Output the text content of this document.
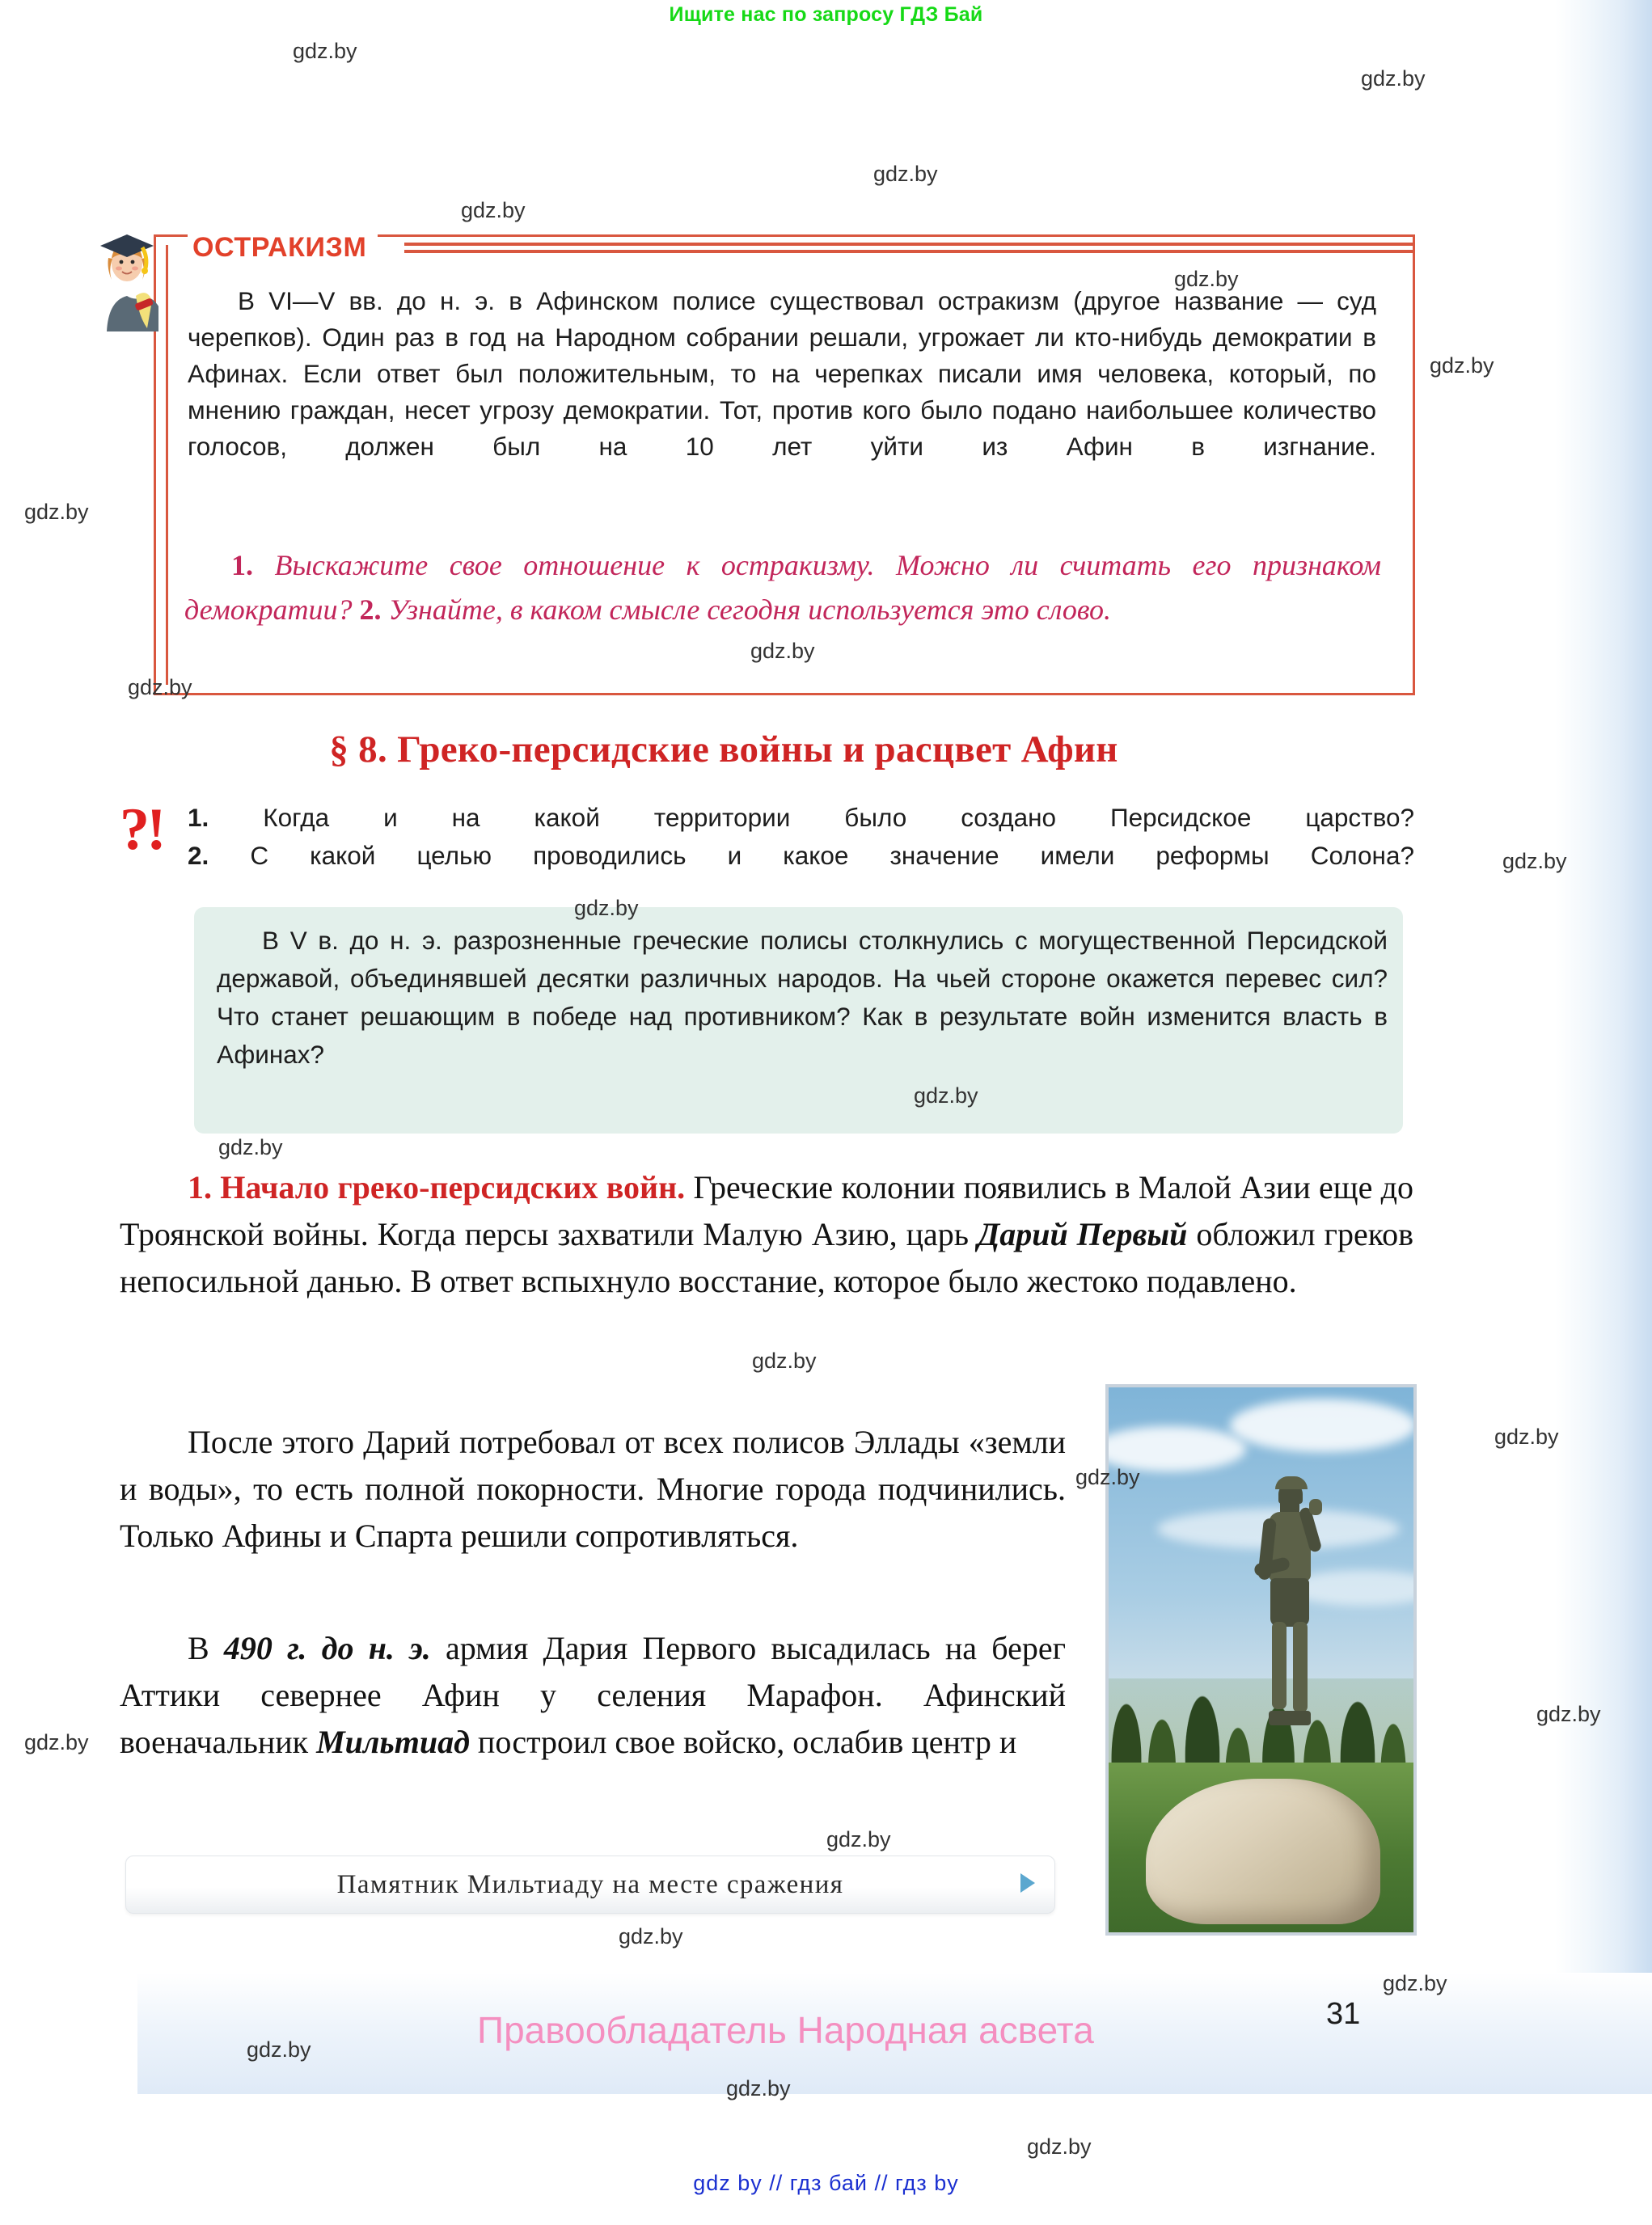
Ищите нас по запросу ГДЗ Бай
ОСТРАКИЗМ
В VI—V вв. до н. э. в Афинском полисе существовал остракизм (другое название — суд черепков). Один раз в год на Народном собрании решали, угрожает ли кто-нибудь демократии в Афинах. Если ответ был положительным, то на черепках писали имя человека, который, по мнению граждан, несет угрозу демократии. Тот, против кого было подано наибольшее количество голосов, должен был на 10 лет уйти из Афин в изгнание.
1. Выскажите свое отношение к остракизму. Можно ли считать его признаком демократии? 2. Узнайте, в каком смысле сегодня используется это слово.
§ 8. Греко-персидские войны и расцвет Афин
?! 1. Когда и на какой территории было создано Персидское царство?
2. С какой целью проводились и какое значение имели реформы Солона?
В V в. до н. э. разрозненные греческие полисы столкнулись с могущественной Персидской державой, объединявшей десятки различных народов. На чьей стороне окажется перевес сил? Что станет решающим в победе над противником? Как в результате войн изменится власть в Афинах?

1. Начало греко-персидских войн. Греческие колонии появились в Малой Азии еще до Троянской войны. Когда персы захватили Малую Азию, царь Дарий Первый обложил греков непосильной данью. В ответ вспыхнуло восстание, которое было жестоко подавлено.

После этого Дарий потребовал от всех полисов Эллады «земли и воды», то есть полной покорности. Многие города подчинились. Только Афины и Спарта решили сопротивляться.

В 490 г. до н. э. армия Дария Первого высадилась на берег Аттики севернее Афин у селения Марафон. Афинский военачальник Мильтиад построил свое войско, ослабив центр и

Памятник Мильтиаду на месте сражения
31
Правообладатель Народная асвета
gdz by // гдз бай // гдз by
gdz.by
gdz.by
gdz.by
gdz.by
gdz.by
gdz.by
gdz.by
gdz.by
gdz.by
gdz.by
gdz.by
gdz.by
gdz.by
gdz.by
gdz.by
gdz.by
gdz.by
gdz.by
gdz.by
gdz.by
gdz.by
gdz.by
gdz.by
gdz.by
